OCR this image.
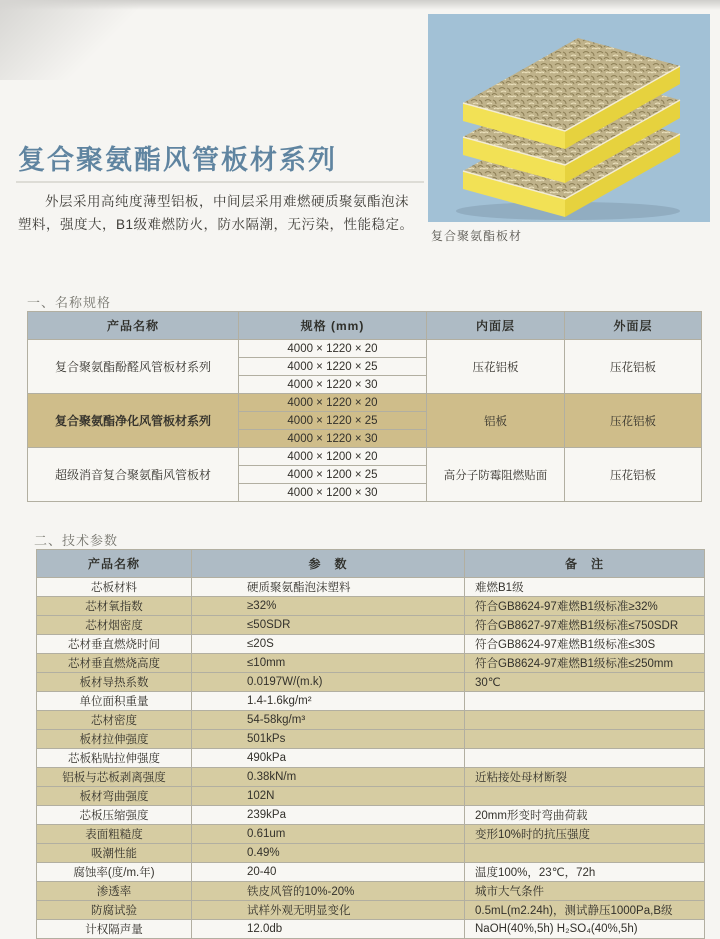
复合聚氨酯风管板材系列
外层采用高纯度薄型铝板，中间层采用难燃硬质聚氨酯泡沫塑料，强度大，B1级难燃防火，防水隔潮，无污染，性能稳定。
复合聚氨酯板材
一、名称规格
产品名称	规格 (mm)	内面层	外面层
复合聚氨酯酚醛风管板材系列	4000 × 1220 × 20	压花铝板	压花铝板
	4000 × 1220 × 25		
	4000 × 1220 × 30		
复合聚氨酯净化风管板材系列	4000 × 1220 × 20	铝板	压花铝板
	4000 × 1220 × 25		
	4000 × 1220 × 30		
超级消音复合聚氨酯风管板材	4000 × 1200 × 20	高分子防霉阻燃贴面	压花铝板
	4000 × 1200 × 25		
	4000 × 1200 × 30		
二、技术参数
产品名称	参　数	备　注
芯板材料	硬质聚氨酯泡沫塑料	难燃B1级
芯材氧指数	≥32%	符合GB8624-97难燃B1级标准≥32%
芯材烟密度	≤50SDR	符合GB8627-97难燃B1级标准≤750SDR
芯材垂直燃烧时间	≤20S	符合GB8624-97难燃B1级标准≤30S
芯材垂直燃烧高度	≤10mm	符合GB8624-97难燃B1级标准≤250mm
板材导热系数	0.0197W/(m.k)	30℃
单位面积重量	1.4-1.6kg/m²	
芯材密度	54-58kg/m³	
板材拉伸强度	501kPs	
芯板粘贴拉伸强度	490kPa	
铝板与芯板剥离强度	0.38kN/m	近粘接处母材断裂
板材弯曲强度	102N	
芯板压缩强度	239kPa	20mm形变时弯曲荷载
表面粗糙度	0.61um	变形10%时的抗压强度
吸潮性能	0.49%	
腐蚀率(度/m.年)	20-40	温度100%，23℃，72h
渗透率	铁皮风管的10%-20%	城市大气条件
防腐试验	试样外观无明显变化	0.5mL(m2.24h)，测试静压1000Pa,B级
计权隔声量	12.0db	NaOH(40%,5h) H₂SO₄(40%,5h)
